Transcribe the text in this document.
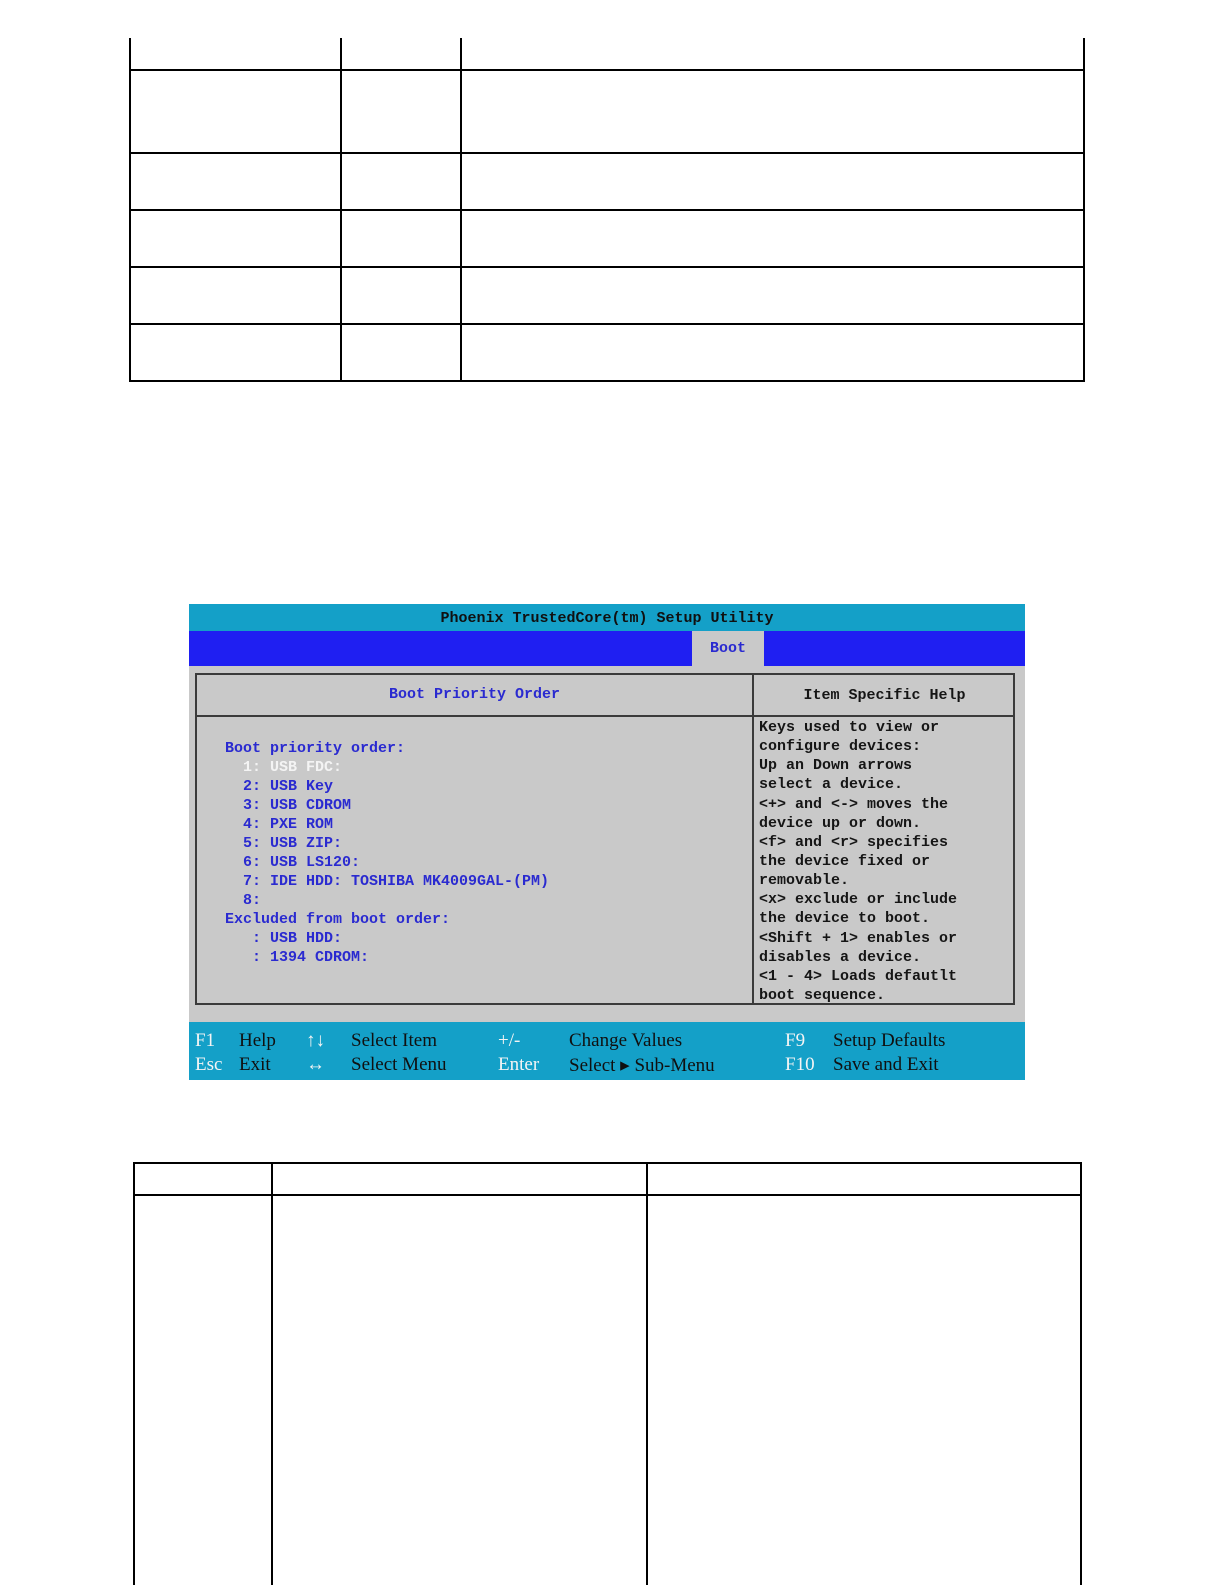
Phoenix TrustedCore(tm) Setup Utility
Boot
Boot Priority Order	Item Specific Help
Boot priority order:
1: USB FDC:
2: USB Key
3: USB CDROM
4: PXE ROM
5: USB ZIP:
6: USB LS120:
7: IDE HDD: TOSHIBA MK4009GAL-(PM)
8:
Excluded from boot order:
: USB HDD:
: 1394 CDROM:
Keys used to view or
configure devices:
Up an Down arrows
select a device.
<+> and <-> moves the
device up or down.
<f> and <r> specifies
the device fixed or
removable.
<x> exclude or include
the device to boot.
<Shift + 1> enables or
disables a device.
<1 - 4> Loads defautlt
boot sequence.
F1 Help ↑↓ Select Item	+/-	Change Values	F9 Setup Defaults
Esc Exit ↔ Select Menu	Enter Select ▸ Sub-Menu	F10 Save and Exit
